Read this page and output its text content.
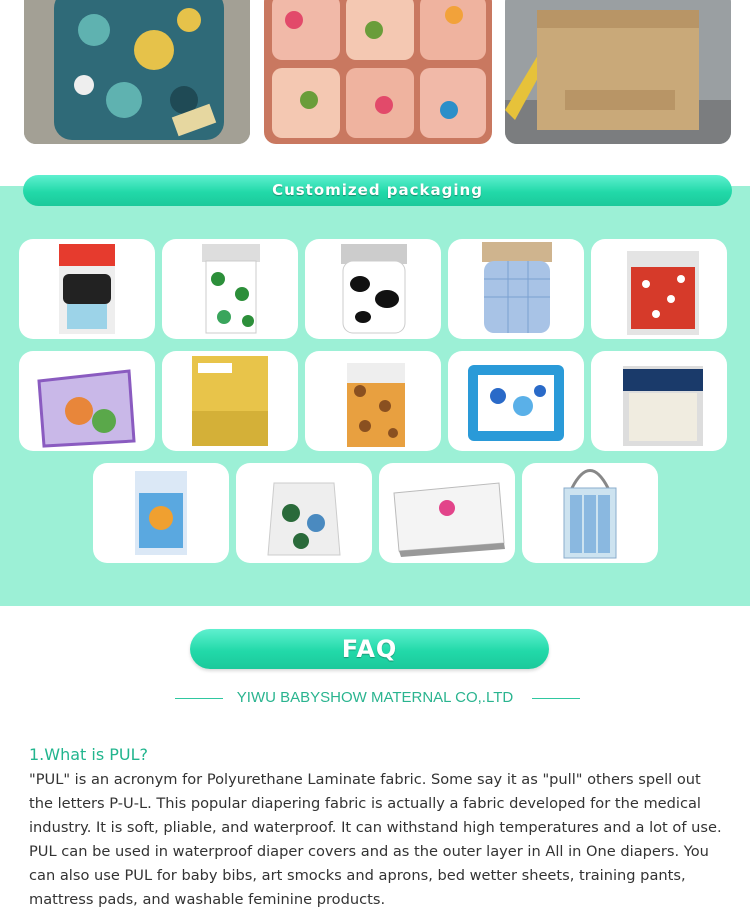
Customized packaging
FAQ
YIWU BABYSHOW MATERNAL CO,.LTD
1.What is PUL?

"PUL" is an acronym for Polyurethane Laminate fabric. Some say it as "pull" others spell out the letters P-U-L. This popular diapering fabric is actually a fabric developed for the medical industry. It is soft, pliable, and waterproof. It can withstand high temperatures and a lot of use.

PUL can be used in waterproof diaper covers and as the outer layer in All in One diapers. You can also use PUL for baby bibs, art smocks and aprons, bed wetter sheets, training pants, mattress pads, and washable feminine products.
